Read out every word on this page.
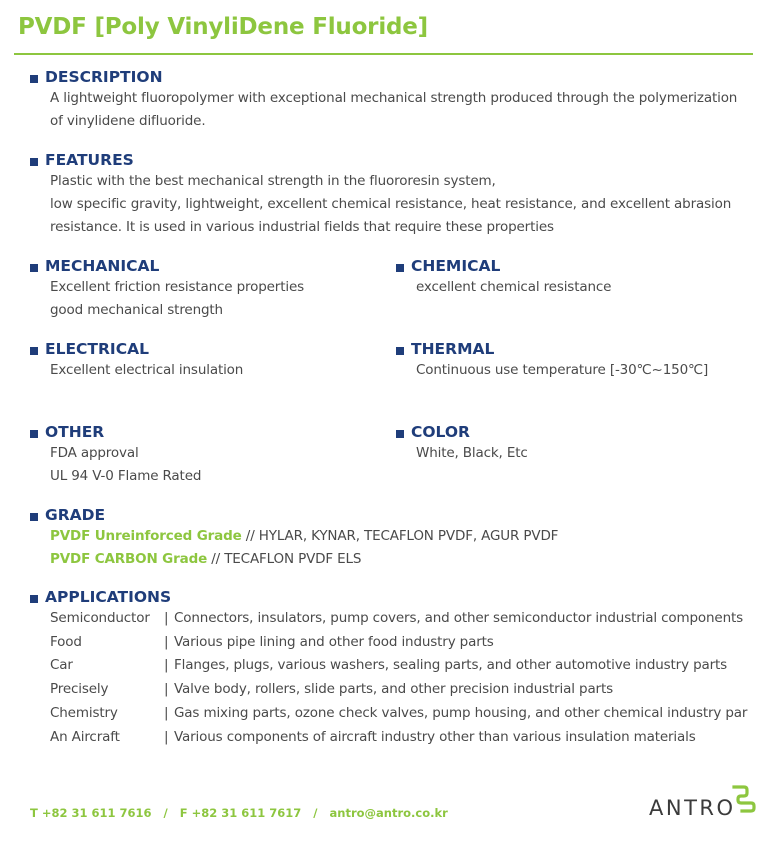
PVDF [Poly VinyliDene Fluoride]
DESCRIPTION
A lightweight fluoropolymer with exceptional mechanical strength produced through the polymerization
of vinylidene difluoride.
FEATURES
Plastic with the best mechanical strength in the fluororesin system,
low specific gravity, lightweight, excellent chemical resistance, heat resistance, and excellent abrasion
resistance. It is used in various industrial fields that require these properties
MECHANICAL
Excellent friction resistance properties
good mechanical strength
CHEMICAL
excellent chemical resistance
ELECTRICAL
Excellent electrical insulation
THERMAL
Continuous use temperature [-30℃~150℃]
OTHER
FDA approval
UL 94 V-0 Flame Rated
COLOR
White, Black, Etc
GRADE
PVDF Unreinforced Grade // HYLAR, KYNAR, TECAFLON PVDF, AGUR PVDF
PVDF CARBON Grade // TECAFLON PVDF ELS
APPLICATIONS
Semiconductor	| Connectors, insulators, pump covers, and other semiconductor industrial components
Food	| Various pipe lining and other food industry parts
Car	| Flanges, plugs, various washers, sealing parts, and other automotive industry parts
Precisely	| Valve body, rollers, slide parts, and other precision industrial parts
Chemistry	| Gas mixing parts, ozone check valves, pump housing, and other chemical industry par
An Aircraft	| Various components of aircraft industry other than various insulation materials
T +82 31 611 7616   /   F +82 31 611 7617   /   antro@antro.co.kr	ANTRO
